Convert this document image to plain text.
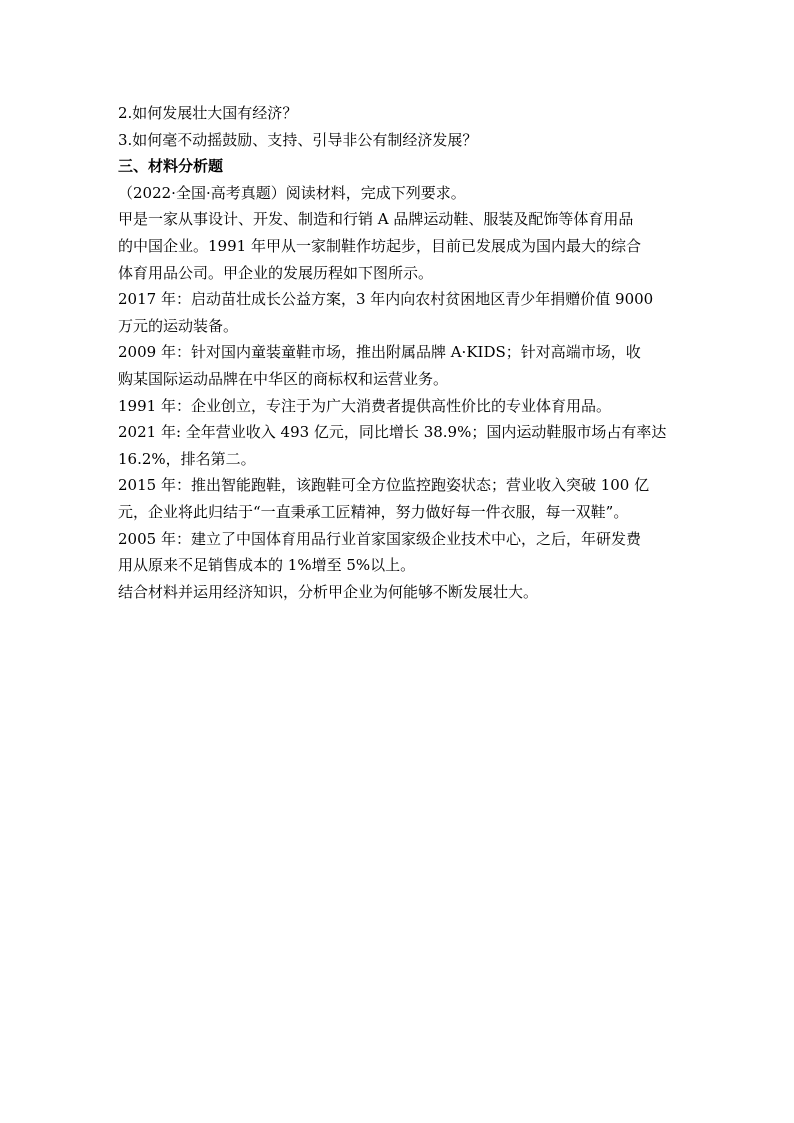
2.如何发展壮大国有经济？

3.如何毫不动摇鼓励、支持、引导非公有制经济发展？

三、材料分析题

（2022·全国·高考真题）阅读材料，完成下列要求。

甲是一家从事设计、开发、制造和行销 A 品牌运动鞋、服装及配饰等体育用品

的中国企业。1991 年甲从一家制鞋作坊起步，目前已发展成为国内最大的综合

体育用品公司。甲企业的发展历程如下图所示。

2017 年：启动苗壮成长公益方案，3 年内向农村贫困地区青少年捐赠价值 9000

万元的运动装备。

2009 年：针对国内童装童鞋市场，推出附属品牌 A·KIDS；针对高端市场，收

购某国际运动品牌在中华区的商标权和运营业务。

1991 年：企业创立，专注于为广大消费者提供高性价比的专业体育用品。

2021 年: 全年营业收入 493 亿元，同比增长 38.9%；国内运动鞋服市场占有率达

16.2%，排名第二。

2015 年：推出智能跑鞋，该跑鞋可全方位监控跑姿状态；营业收入突破 100 亿

元，企业将此归结于“一直秉承工匠精神，努力做好每一件衣服，每一双鞋”。

2005 年：建立了中国体育用品行业首家国家级企业技术中心，之后，年研发费

用从原来不足销售成本的 1%增至 5%以上。

结合材料并运用经济知识，分析甲企业为何能够不断发展壮大。
